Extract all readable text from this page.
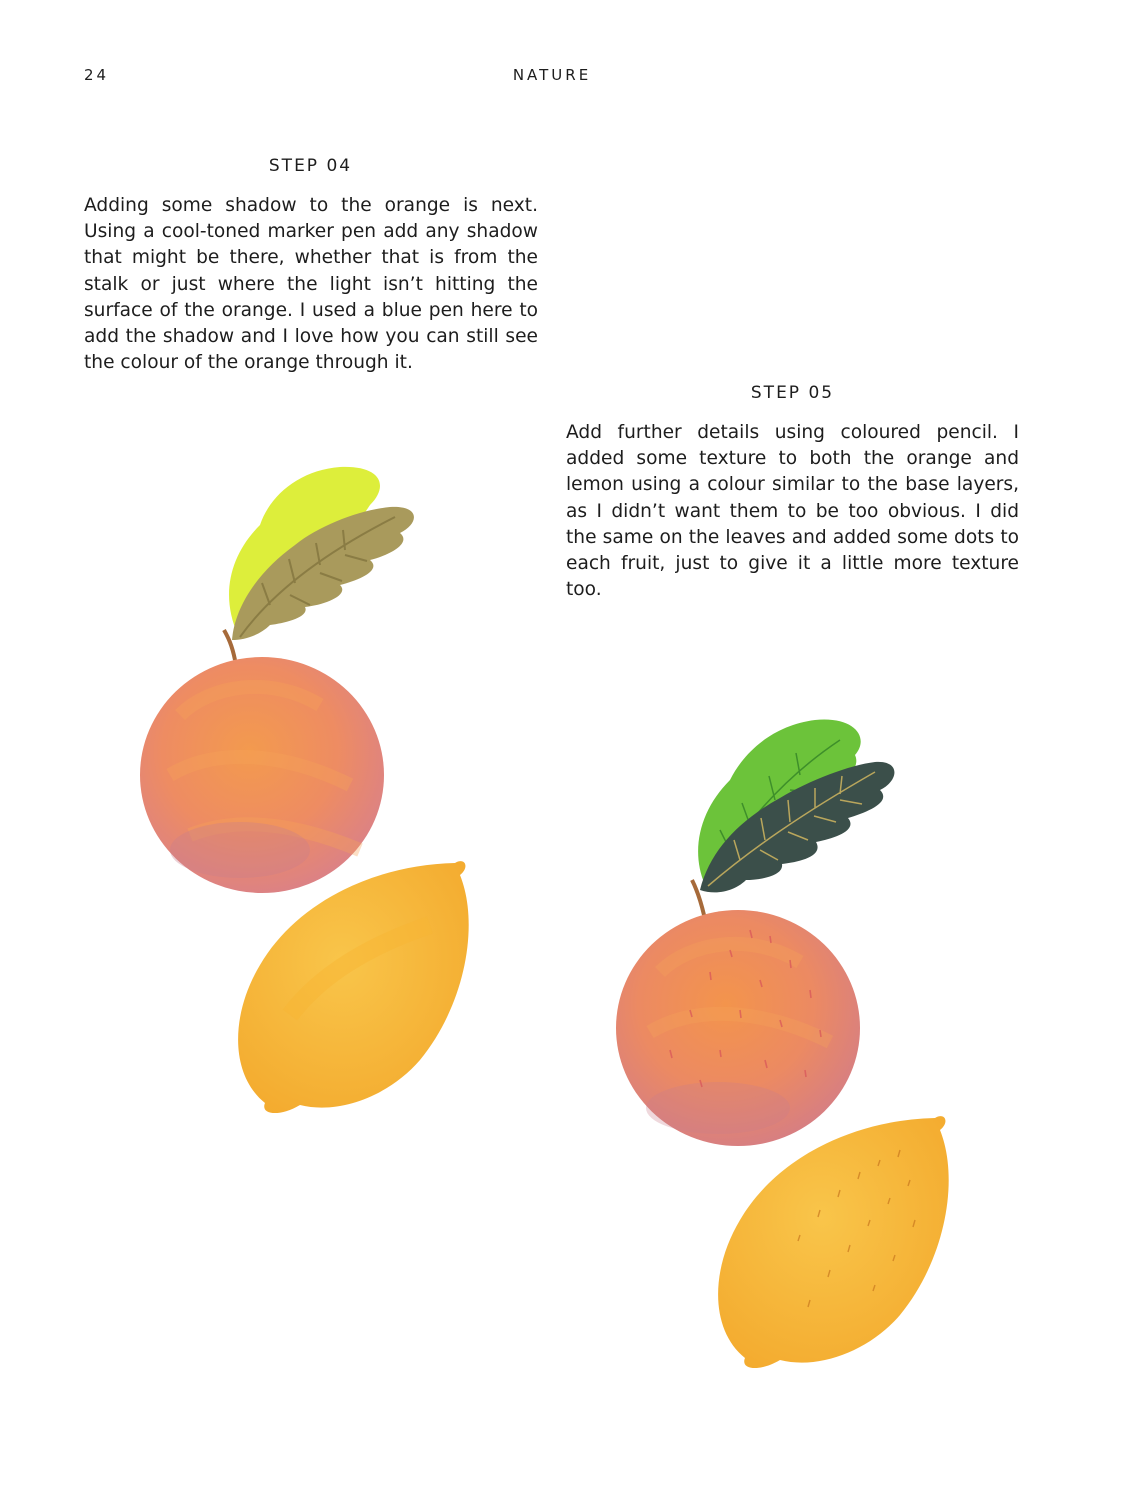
24	NATURE
STEP 04

Adding some shadow to the orange is next. Using a cool-toned marker pen add any shadow that might be there, whether that is from the stalk or just where the light isn’t hitting the surface of the orange. I used a blue pen here to add the shadow and I love how you can still see the colour of the orange through it.

STEP 05

Add further details using coloured pencil. I added some texture to both the orange and lemon using a colour similar to the base layers, as I didn’t want them to be too obvious. I did the same on the leaves and added some dots to each fruit, just to give it a little more texture too.
